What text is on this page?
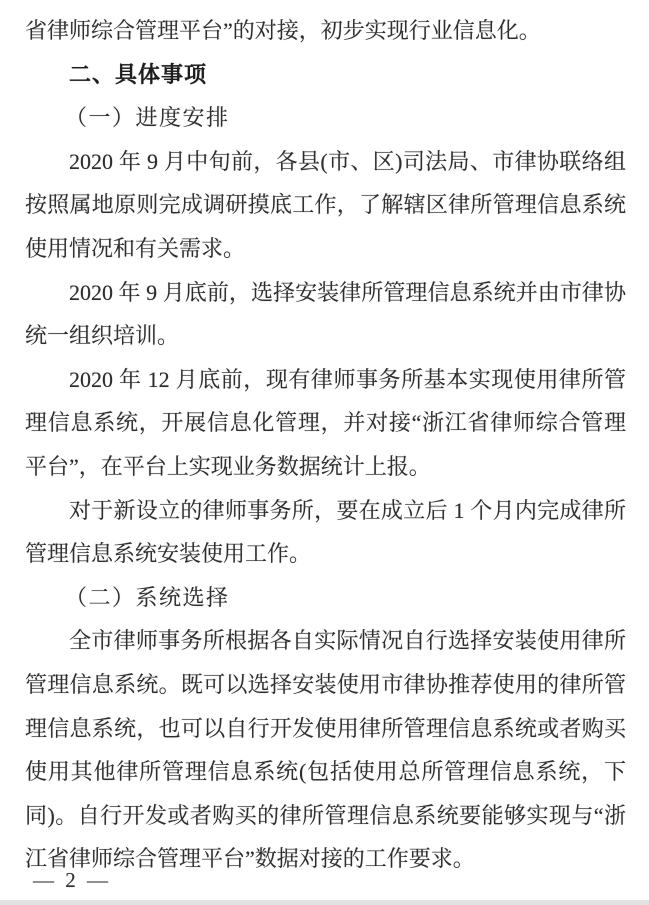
省律师综合管理平台”的对接，初步实现行业信息化。

二、具体事项

（一）进度安排

2020 年 9 月中旬前，各县(市、区)司法局、市律协联络组按照属地原则完成调研摸底工作，了解辖区律所管理信息系统使用情况和有关需求。

2020 年 9 月底前，选择安装律所管理信息系统并由市律协统一组织培训。

2020 年 12 月底前，现有律师事务所基本实现使用律所管理信息系统，开展信息化管理，并对接“浙江省律师综合管理平台”，在平台上实现业务数据统计上报。

对于新设立的律师事务所，要在成立后 1 个月内完成律所管理信息系统安装使用工作。

（二）系统选择

全市律师事务所根据各自实际情况自行选择安装使用律所管理信息系统。既可以选择安装使用市律协推荐使用的律所管理信息系统，也可以自行开发使用律所管理信息系统或者购买使用其他律所管理信息系统(包括使用总所管理信息系统，下同)。自行开发或者购买的律所管理信息系统要能够实现与“浙江省律师综合管理平台”数据对接的工作要求。

— 2 —
